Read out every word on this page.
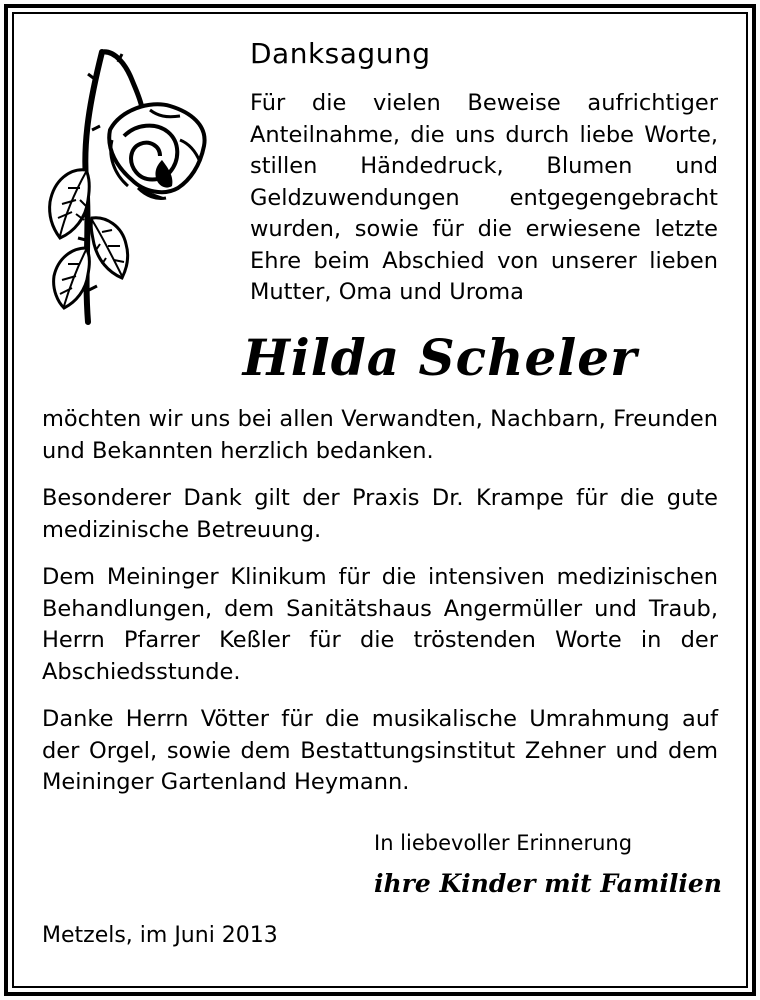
Danksagung
Für die vielen Beweise aufrichtiger Anteilnahme, die uns durch liebe Worte, stillen Händedruck, Blumen und Geldzuwendungen entgegengebracht wurden, sowie für die erwiesene letzte Ehre beim Abschied von unserer lieben Mutter, Oma und Uroma
Hilda Scheler

möchten wir uns bei allen Verwandten, Nachbarn, Freunden und Bekannten herzlich bedanken.

Besonderer Dank gilt der Praxis Dr. Krampe für die gute medizinische Betreuung.

Dem Meininger Klinikum für die intensiven medizinischen Behandlungen, dem Sanitätshaus Angermüller und Traub, Herrn Pfarrer Keßler für die tröstenden Worte in der Abschiedsstunde.

Danke Herrn Vötter für die musikalische Umrahmung auf der Orgel, sowie dem Bestattungsinstitut Zehner und dem Meininger Gartenland Heymann.

In liebevoller Erinnerung
ihre Kinder mit Familien
Metzels, im Juni 2013
